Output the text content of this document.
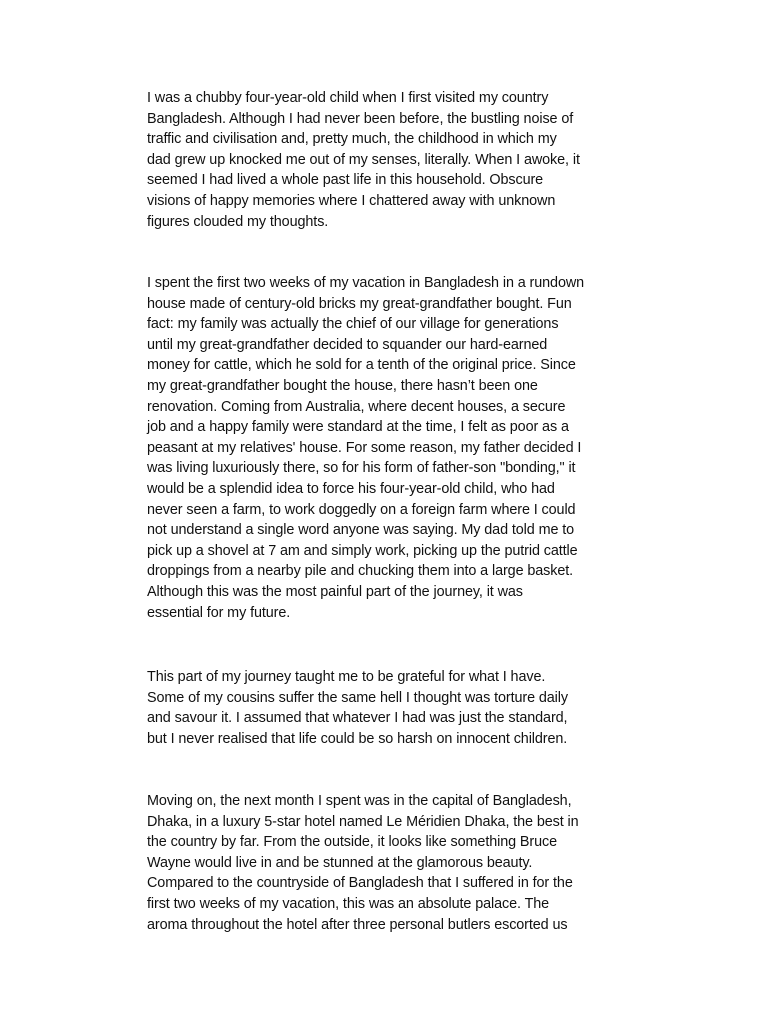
I was a chubby four-year-old child when I first visited my country
Bangladesh. Although I had never been before, the bustling noise of
traffic and civilisation and, pretty much, the childhood in which my
dad grew up knocked me out of my senses, literally. When I awoke, it
seemed I had lived a whole past life in this household. Obscure
visions of happy memories where I chattered away with unknown
figures clouded my thoughts.

I spent the first two weeks of my vacation in Bangladesh in a rundown
house made of century-old bricks my great-grandfather bought. Fun
fact: my family was actually the chief of our village for generations
until my great-grandfather decided to squander our hard-earned
money for cattle, which he sold for a tenth of the original price. Since
my great-grandfather bought the house, there hasn’t been one
renovation. Coming from Australia, where decent houses, a secure
job and a happy family were standard at the time, I felt as poor as a
peasant at my relatives' house. For some reason, my father decided I
was living luxuriously there, so for his form of father-son "bonding," it
would be a splendid idea to force his four-year-old child, who had
never seen a farm, to work doggedly on a foreign farm where I could
not understand a single word anyone was saying. My dad told me to
pick up a shovel at 7 am and simply work, picking up the putrid cattle
droppings from a nearby pile and chucking them into a large basket.
Although this was the most painful part of the journey, it was
essential for my future.

This part of my journey taught me to be grateful for what I have.
Some of my cousins suffer the same hell I thought was torture daily
and savour it. I assumed that whatever I had was just the standard,
but I never realised that life could be so harsh on innocent children.

Moving on, the next month I spent was in the capital of Bangladesh,
Dhaka, in a luxury 5-star hotel named Le Méridien Dhaka, the best in
the country by far. From the outside, it looks like something Bruce
Wayne would live in and be stunned at the glamorous beauty.
Compared to the countryside of Bangladesh that I suffered in for the
first two weeks of my vacation, this was an absolute palace. The
aroma throughout the hotel after three personal butlers escorted us
